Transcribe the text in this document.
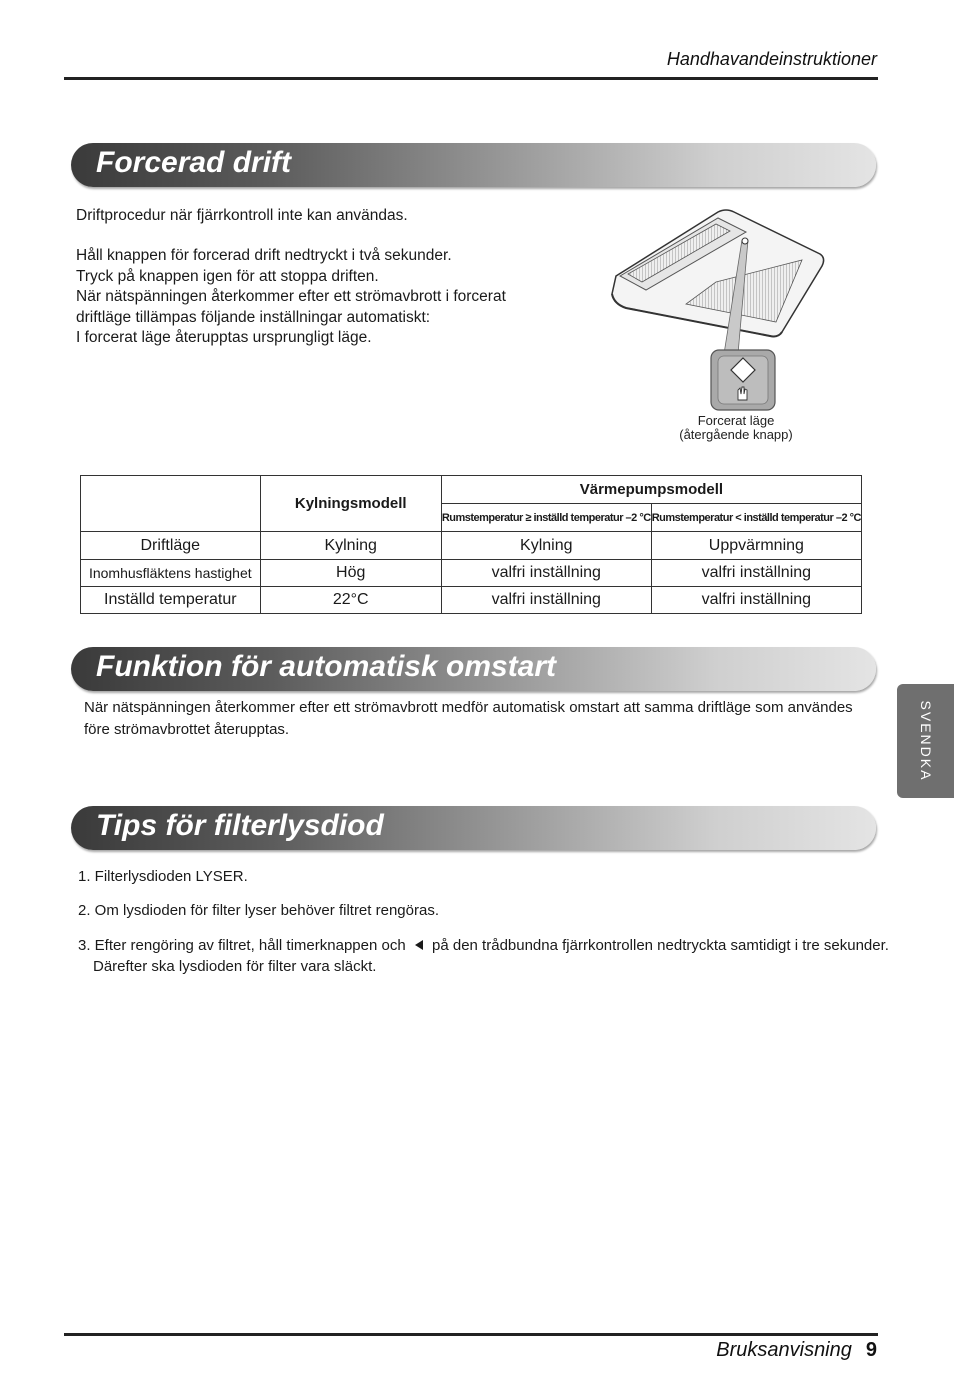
Handhavandeinstruktioner
Forcerad drift
Driftprocedur när fjärrkontroll inte kan användas.
Håll knappen för forcerad drift nedtryckt i två sekunder.
Tryck på knappen igen för att stoppa driften.
När nätspänningen återkommer efter ett strömavbrott i forcerat
driftläge tillämpas följande inställningar automatiskt:
I forcerat läge återupptas ursprungligt läge.
Forcerat läge
(återgående knapp)
	Kylningsmodell	Värmepumpsmodell	
		Rumstemperatur ≥ inställd temperatur –2 °C	Rumstemperatur < inställd temperatur –2 °C
Driftläge	Kylning	Kylning	Uppvärmning
Inomhusfläktens hastighet	Hög	valfri inställning	valfri inställning
Inställd temperatur	22°C	valfri inställning	valfri inställning
Funktion för automatisk omstart
När nätspänningen återkommer efter ett strömavbrott medför automatisk omstart att samma driftläge som användes
före strömavbrottet återupptas.	SVENDKA
Tips för filterlysdiod
1. Filterlysdioden LYSER.
2. Om lysdioden för filter lyser behöver filtret rengöras.
3. Efter rengöring av filtret, håll timerknappen och på den trådbundna fjärrkontrollen nedtryckta samtidigt i tre sekunder.
Därefter ska lysdioden för filter vara släckt.
Bruksanvisning 9
